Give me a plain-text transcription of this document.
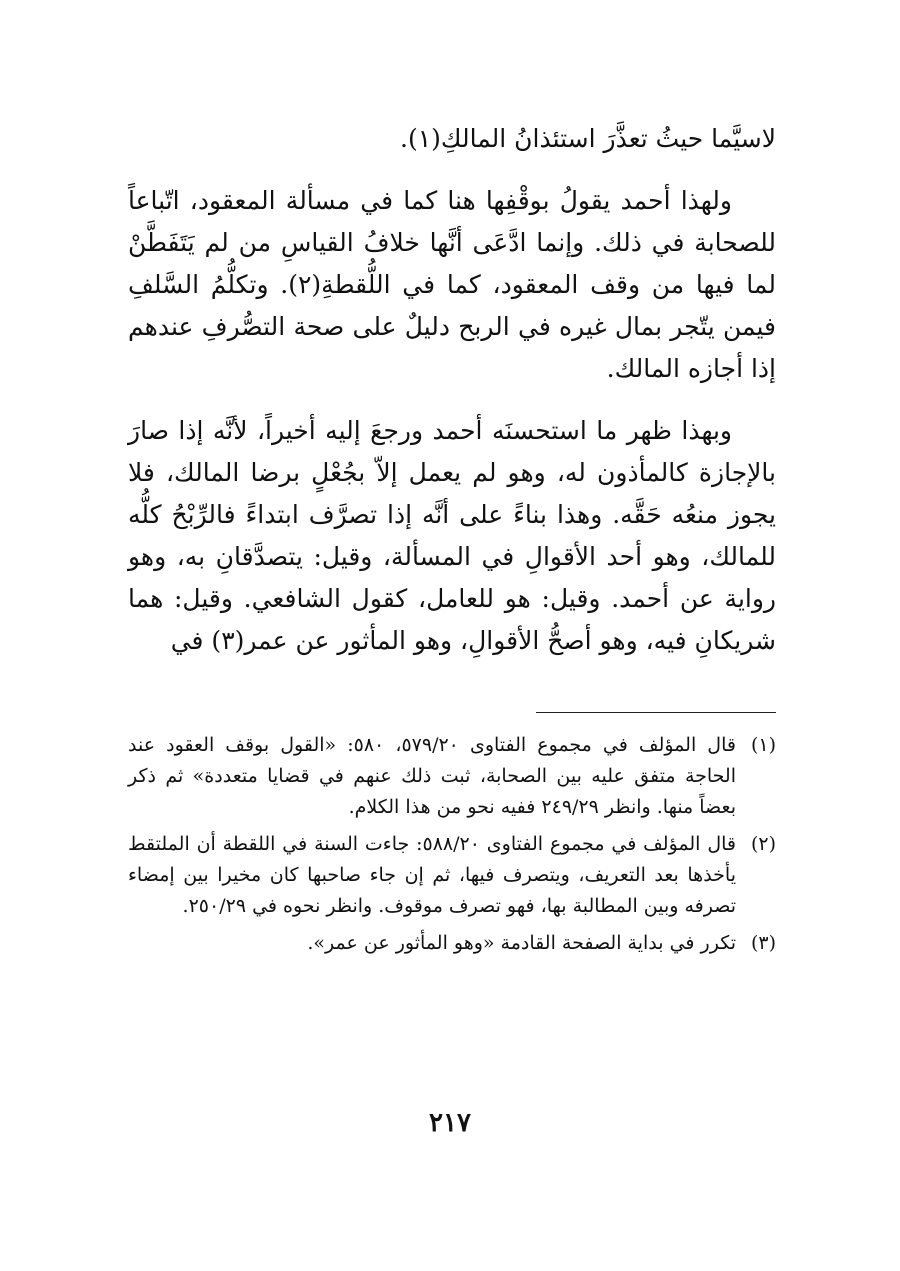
لاسيَّما حيثُ تعذَّرَ استئذانُ المالكِ(١).

ولهذا أحمد يقولُ بوقْفِها هنا كما في مسألة المعقود، اتّباعاً للصحابة في ذلك. وإنما ادَّعَى أنَّها خلافُ القياسِ من لم يَتَفَطَّنْ لما فيها من وقف المعقود، كما في اللُّقطةِ(٢). وتكلُّمُ السَّلفِ فيمن يتّجر بمال غيره في الربح دليلٌ على صحة التصُّرفِ عندهم إذا أجازه المالك.

وبهذا ظهر ما استحسنَه أحمد ورجعَ إليه أخيراً، لأنَّه إذا صارَ بالإجازة كالمأذون له، وهو لم يعمل إلاّ بجُعْلٍ برضا المالك، فلا يجوز منعُه حَقَّه. وهذا بناءً على أنَّه إذا تصرَّف ابتداءً فالرِّبْحُ كلُّه للمالك، وهو أحد الأقوالِ في المسألة، وقيل: يتصدَّقانِ به، وهو رواية عن أحمد. وقيل: هو للعامل، كقول الشافعي. وقيل: هما شريكانِ فيه، وهو أصحُّ الأقوالِ، وهو المأثور عن عمر(٣) في

(١)
قال المؤلف في مجموع الفتاوى ٥٧٩/٢٠، ٥٨٠: «القول بوقف العقود عند الحاجة متفق عليه بين الصحابة، ثبت ذلك عنهم في قضايا متعددة» ثم ذكر بعضاً منها. وانظر ٢٤٩/٢٩ ففيه نحو من هذا الكلام.
(٢)
قال المؤلف في مجموع الفتاوى ٥٨٨/٢٠: جاءت السنة في اللقطة أن الملتقط يأخذها بعد التعريف، ويتصرف فيها، ثم إن جاء صاحبها كان مخيرا بين إمضاء تصرفه وبين المطالبة بها، فهو تصرف موقوف. وانظر نحوه في ٢٥٠/٢٩.
(٣)
تكرر في بداية الصفحة القادمة «وهو المأثور عن عمر».
٢١٧
